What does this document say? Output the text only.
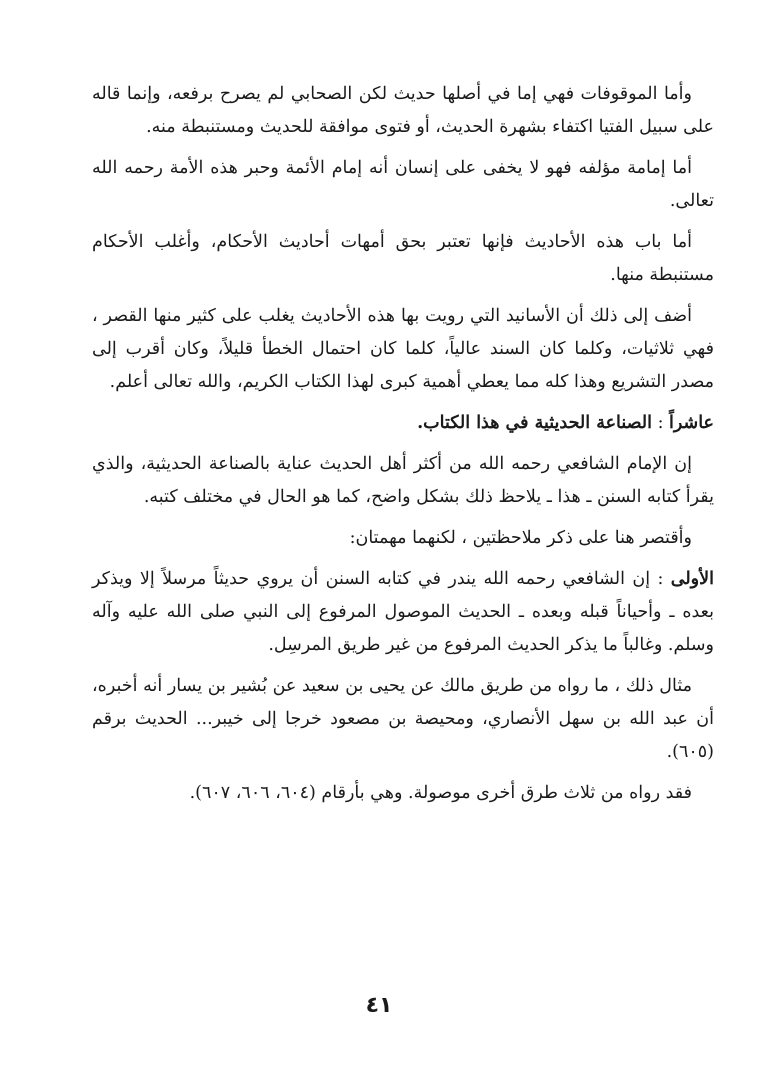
وأما الموقوفات فهي إما في أصلها حديث لكن الصحابي لم يصرح برفعه، وإنما قاله على سبيل الفتيا اكتفاء بشهرة الحديث، أو فتوى موافقة للحديث ومستنبطة منه.

أما إمامة مؤلفه فهو لا يخفى على إنسان أنه إمام الأئمة وحبر هذه الأمة رحمه الله تعالى.

أما باب هذه الأحاديث فإنها تعتبر بحق أمهات أحاديث الأحكام، وأغلب الأحكام مستنبطة منها.

أضف إلى ذلك أن الأسانيد التي رويت بها هذه الأحاديث يغلب على كثير منها القصر ، فهي ثلاثيات، وكلما كان السند عالياً، كلما كان احتمال الخطأ قليلاً، وكان أقرب إلى مصدر التشريع وهذا كله مما يعطي أهمية كبرى لهذا الكتاب الكريم، والله تعالى أعلم.

عاشراً : الصناعة الحديثية في هذا الكتاب.

إن الإمام الشافعي رحمه الله من أكثر أهل الحديث عناية بالصناعة الحديثية، والذي يقرأ كتابه السنن ـ هذا ـ يلاحظ ذلك بشكل واضح، كما هو الحال في مختلف كتبه.

وأقتصر هنا على ذكر ملاحظتين ، لكنهما مهمتان:

الأولى : إن الشافعي رحمه الله يندر في كتابه السنن أن يروي حديثاً مرسلاً إلا ويذكر بعده ـ وأحياناً قبله وبعده ـ الحديث الموصول المرفوع إلى النبي صلى الله عليه وآله وسلم. وغالباً ما يذكر الحديث المرفوع من غير طريق المرسِل.

مثال ذلك ، ما رواه من طريق مالك عن يحيى بن سعيد عن بُشير بن يسار أنه أخبره، أن عبد الله بن سهل الأنصاري، ومحيصة بن مصعود خرجا إلى خيبر... الحديث برقم (٦٠٥).

فقد رواه من ثلاث طرق أخرى موصولة. وهي بأرقام (٦٠٤، ٦٠٦، ٦٠٧).

٤١
